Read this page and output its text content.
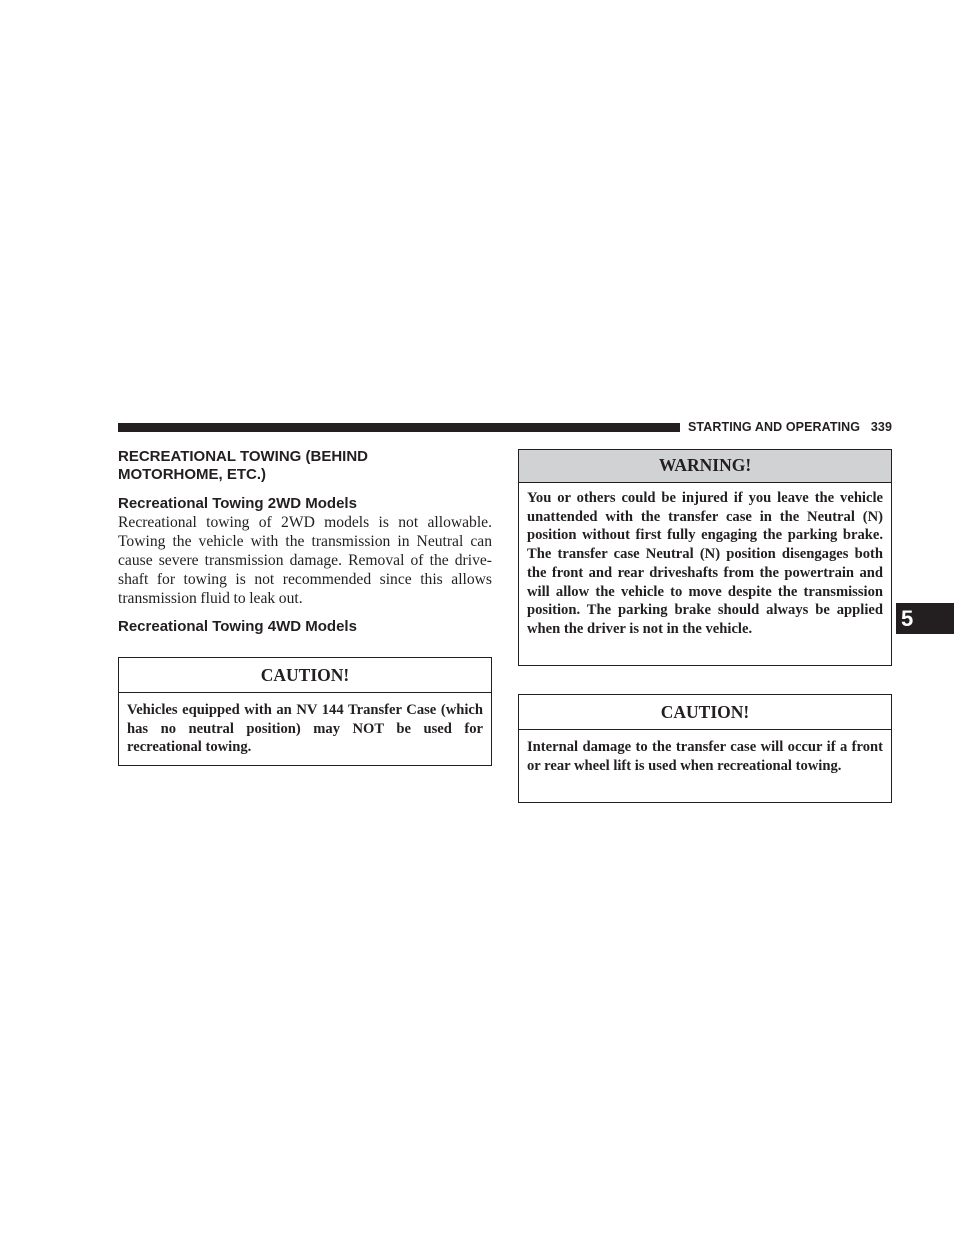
STARTING AND OPERATING 339
5
RECREATIONAL TOWING (BEHIND
MOTORHOME, ETC.)
Recreational Towing 2WD Models

Recreational towing of 2WD models is not allowable. Towing the vehicle with the transmission in Neutral can cause severe transmission damage. Removal of the drive-shaft for towing is not recommended since this allows transmission fluid to leak out.

Recreational Towing 4WD Models
CAUTION!
Vehicles equipped with an NV 144 Transfer Case (which has no neutral position) may NOT be used for recreational towing.
WARNING!
You or others could be injured if you leave the vehicle unattended with the transfer case in the Neutral (N) position without first fully engaging the parking brake. The transfer case Neutral (N) position disengages both the front and rear driveshafts from the powertrain and will allow the vehicle to move despite the transmission position. The parking brake should always be applied when the driver is not in the vehicle.
CAUTION!
Internal damage to the transfer case will occur if a front or rear wheel lift is used when recreational towing.
